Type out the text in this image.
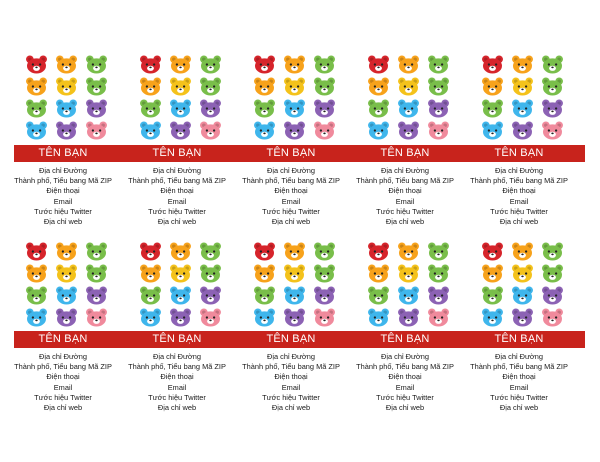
TÊN BẠN
Địa chỉ Đường
Thành phố, Tiểu bang Mã ZIP
Điện thoại
Email
Tước hiệu Twitter
Địa chỉ web
TÊN BẠN
Địa chỉ Đường
Thành phố, Tiểu bang Mã ZIP
Điện thoại
Email
Tước hiệu Twitter
Địa chỉ web
TÊN BẠN
Địa chỉ Đường
Thành phố, Tiểu bang Mã ZIP
Điện thoại
Email
Tước hiệu Twitter
Địa chỉ web
TÊN BẠN
Địa chỉ Đường
Thành phố, Tiểu bang Mã ZIP
Điện thoại
Email
Tước hiệu Twitter
Địa chỉ web
TÊN BẠN
Địa chỉ Đường
Thành phố, Tiểu bang Mã ZIP
Điện thoại
Email
Tước hiệu Twitter
Địa chỉ web
TÊN BẠN
Địa chỉ Đường
Thành phố, Tiểu bang Mã ZIP
Điện thoại
Email
Tước hiệu Twitter
Địa chỉ web
TÊN BẠN
Địa chỉ Đường
Thành phố, Tiểu bang Mã ZIP
Điện thoại
Email
Tước hiệu Twitter
Địa chỉ web
TÊN BẠN
Địa chỉ Đường
Thành phố, Tiểu bang Mã ZIP
Điện thoại
Email
Tước hiệu Twitter
Địa chỉ web
TÊN BẠN
Địa chỉ Đường
Thành phố, Tiểu bang Mã ZIP
Điện thoại
Email
Tước hiệu Twitter
Địa chỉ web
TÊN BẠN
Địa chỉ Đường
Thành phố, Tiểu bang Mã ZIP
Điện thoại
Email
Tước hiệu Twitter
Địa chỉ web
